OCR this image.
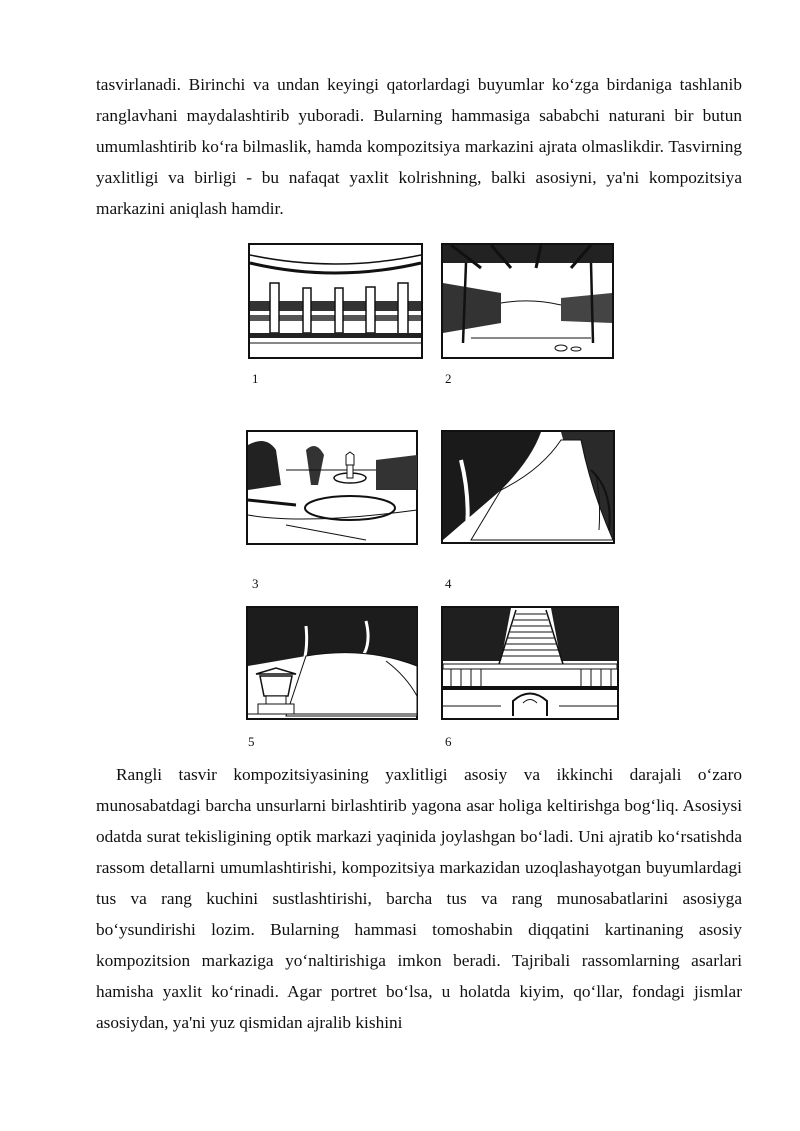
tasvirlanadi. Birinchi va undan keyingi qatorlardagi buyumlar ko‘zga birdaniga tashlanib ranglavhani maydalashtirib yuboradi. Bularning hammasiga sababchi naturani bir butun umumlashtirib ko‘ra bilmaslik, hamda kompozitsiya markazini ajrata olmaslikdir. Tasvirning yaxlitligi va birligi - bu nafaqat yaxlit kolrishning, balki asosiyni, ya'ni kompozitsiya markazini aniqlash hamdir.

1	2
3	4
5	6

Rangli tasvir kompozitsiyasining yaxlitligi asosiy va ikkinchi darajali o‘zaro munosabatdagi barcha unsurlarni birlashtirib yagona asar holiga keltirishga bog‘liq. Asosiysi odatda surat tekisligining optik markazi yaqinida joylashgan bo‘ladi. Uni ajratib ko‘rsatishda rassom detallarni umumlashtirishi, kompozitsiya markazidan uzoqlashayotgan buyumlardagi tus va rang kuchini sustlashtirishi, barcha tus va rang munosabatlarini asosiyga bo‘ysundirishi lozim. Bularning hammasi tomoshabin diqqatini kartinaning asosiy kompozitsion markaziga yo‘naltirishiga imkon beradi. Tajribali rassomlarning asarlari hamisha yaxlit ko‘rinadi. Agar portret bo‘lsa, u holatda kiyim, qo‘llar, fondagi jismlar asosiydan, ya'ni yuz qismidan ajralib kishini
